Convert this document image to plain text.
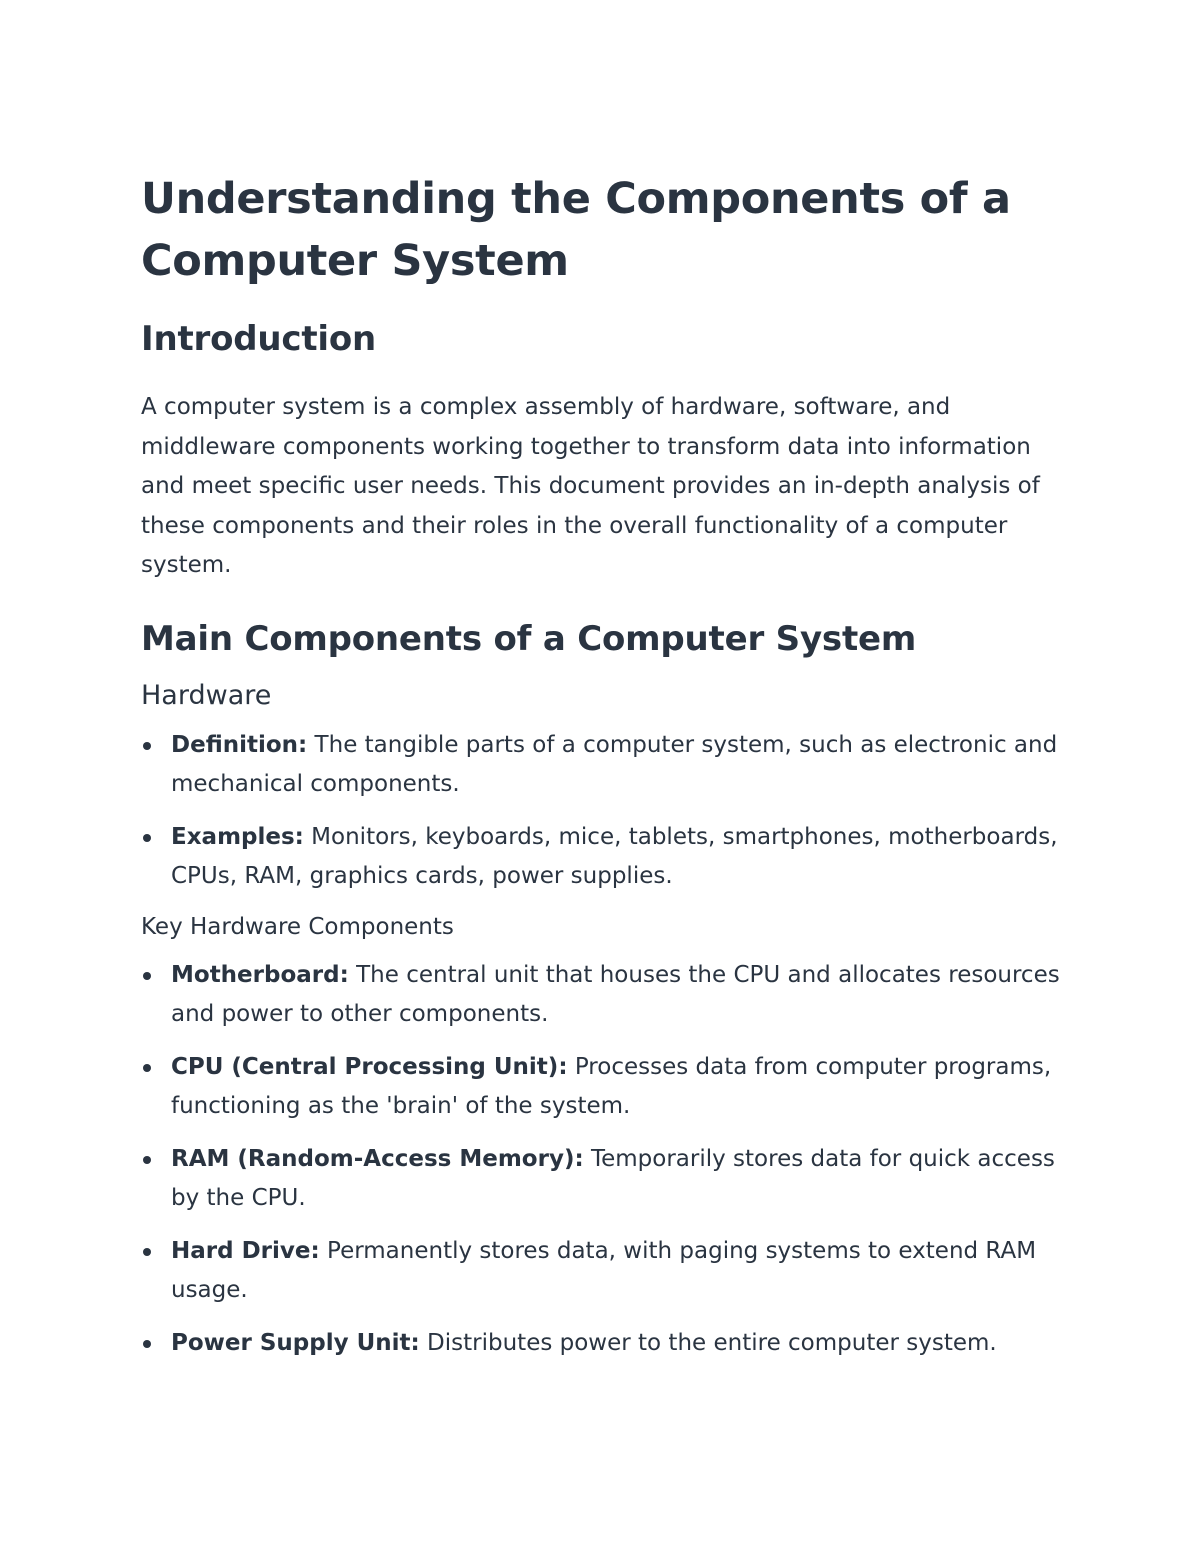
Understanding the Components of a Computer System
Introduction

A computer system is a complex assembly of hardware, software, and middleware components working together to transform data into information and meet specific user needs. This document provides an in-depth analysis of these components and their roles in the overall functionality of a computer system.

Main Components of a Computer System
Hardware
Definition: The tangible parts of a computer system, such as electronic and mechanical components.
Examples: Monitors, keyboards, mice, tablets, smartphones, motherboards, CPUs, RAM, graphics cards, power supplies.
Key Hardware Components
Motherboard: The central unit that houses the CPU and allocates resources and power to other components.
CPU (Central Processing Unit): Processes data from computer programs, functioning as the 'brain' of the system.
RAM (Random-Access Memory): Temporarily stores data for quick access by the CPU.
Hard Drive: Permanently stores data, with paging systems to extend RAM usage.
Power Supply Unit: Distributes power to the entire computer system.
